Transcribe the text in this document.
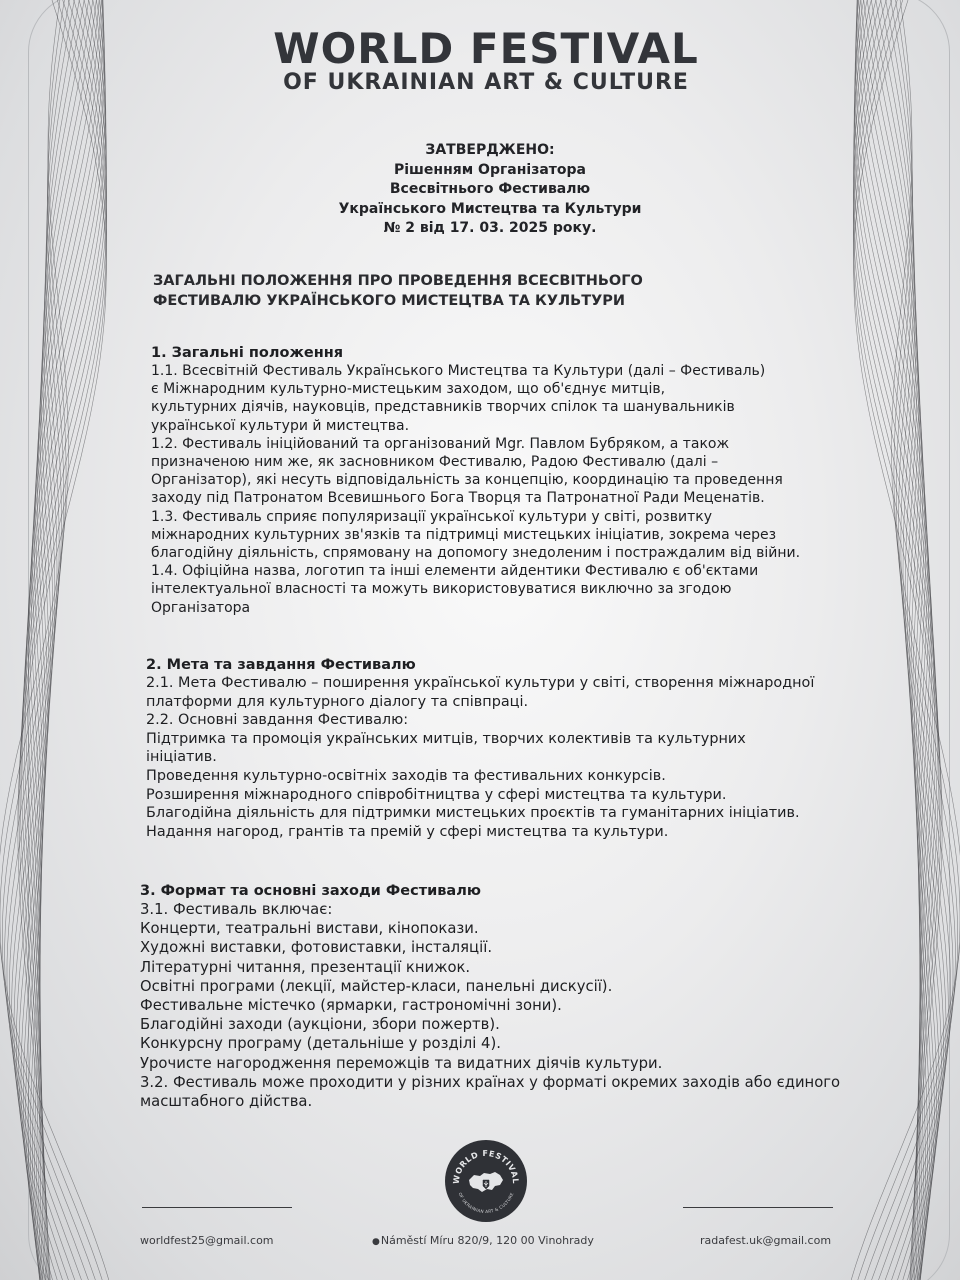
WORLD FESTIVAL
OF UKRAINIAN ART & CULTURE
ЗАТВЕРДЖЕНО:
Рішенням Організатора
Всесвітнього Фестивалю
Українського Мистецтва та Культури
№ 2 від 17. 03. 2025 року.
ЗАГАЛЬНІ ПОЛОЖЕННЯ ПРО ПРОВЕДЕННЯ ВСЕСВІТНЬОГО
ФЕСТИВАЛЮ УКРАЇНСЬКОГО МИСТЕЦТВА ТА КУЛЬТУРИ
1. Загальні положення
1.1. Всесвітній Фестиваль Українського Мистецтва та Культури (далі – Фестиваль)
є Міжнародним культурно-мистецьким заходом, що об'єднує митців,
культурних діячів, науковців, представників творчих спілок та шанувальників
української культури й мистецтва.
1.2. Фестиваль ініційований та організований Mgr. Павлом Бубряком, а також
призначеною ним же, як засновником Фестивалю, Радою Фестивалю (далі –
Організатор), які несуть відповідальність за концепцію, координацію та проведення
заходу під Патронатом Всевишнього Бога Творця та Патронатної Ради Меценатів.
1.3. Фестиваль сприяє популяризації української культури у світі, розвитку
міжнародних культурних зв'язків та підтримці мистецьких ініціатив, зокрема через
благодійну діяльність, спрямовану на допомогу знедоленим і постраждалим від війни.
1.4. Офіційна назва, логотип та інші елементи айдентики Фестивалю є об'єктами
інтелектуальної власності та можуть використовуватися виключно за згодою
Організатора
2. Мета та завдання Фестивалю
2.1. Мета Фестивалю – поширення української культури у світі, створення міжнародної
платформи для культурного діалогу та співпраці.
2.2. Основні завдання Фестивалю:
Підтримка та промоція українських митців, творчих колективів та культурних
ініціатив.
Проведення культурно-освітніх заходів та фестивальних конкурсів.
Розширення міжнародного співробітництва у сфері мистецтва та культури.
Благодійна діяльність для підтримки мистецьких проєктів та гуманітарних ініціатив.
Надання нагород, грантів та премій у сфері мистецтва та культури.
3. Формат та основні заходи Фестивалю
3.1. Фестиваль включає:
Концерти, театральні вистави, кінопокази.
Художні виставки, фотовиставки, інсталяції.
Літературні читання, презентації книжок.
Освітні програми (лекції, майстер-класи, панельні дискусії).
Фестивальне містечко (ярмарки, гастрономічні зони).
Благодійні заходи (аукціони, збори пожертв).
Конкурсну програму (детальніше у розділі 4).
Урочисте нагородження переможців та видатних діячів культури.
3.2. Фестиваль може проходити у різних країнах у форматі окремих заходів або єдиного
масштабного дійства.
WORLD FESTIVAL
OF UKRAINIAN ART & CULTURE
worldfest25@gmail.com	●Náměstí Míru 820/9, 120 00 Vinohrady	radafest.uk@gmail.com
